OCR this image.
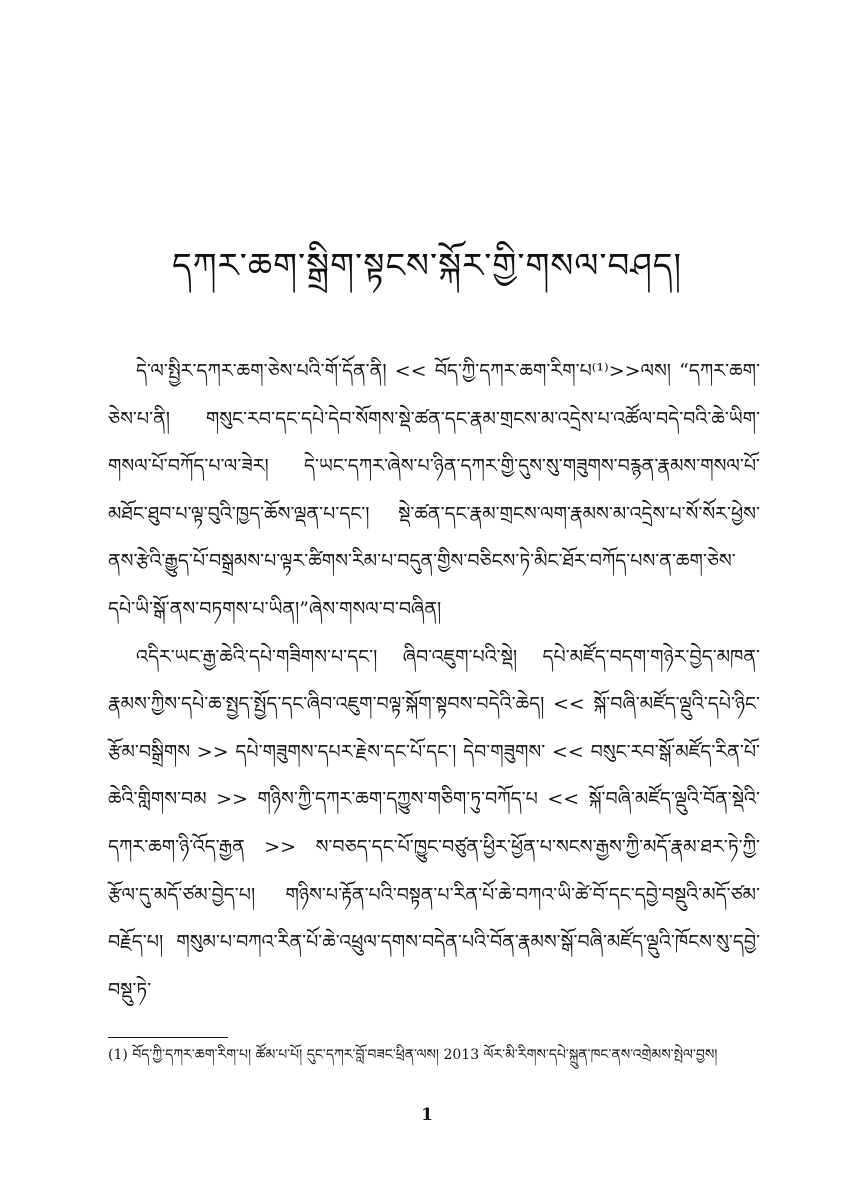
དཀར་ཆག་སྒྲིག་སྟངས་སྐོར་གྱི་གསལ་བཤད།

དེ་ལ་སྤྱིར་དཀར་ཆག་ཅེས་པའི་གོ་དོན་ནི། << བོད་ཀྱི་དཀར་ཆག་རིག་པ⁽¹⁾>>ལས། “དཀར་ཆག་ཅེས་པ་ནི། གསུང་རབ་དང་དཔེ་དེབ་སོགས་སྡེ་ཚན་དང་རྣམ་གྲངས་མ་འདྲེས་པ་འཚོལ་བདེ་བའི་ཆེ་ཡིག་གསལ་པོ་བཀོད་པ་ལ་ཟེར། དེ་ཡང་དཀར་ཞེས་པ་ཉིན་དཀར་གྱི་དུས་སུ་གཟུགས་བརྙན་རྣམས་གསལ་པོ་མཐོང་ཐུབ་པ་ལྟ་བུའི་ཁྱད་ཆོས་ལྡན་པ་དང་། སྡེ་ཚན་དང་རྣམ་གྲངས་ལག་རྣམས་མ་འདྲེས་པ་སོ་སོར་ཕྱེས་ནས་རྩེའི་རྒྱུད་པོ་བསྒྲམས་པ་ལྟར་ཚིགས་རིམ་པ་བདུན་གྱིས་བཅིངས་ཏེ་མིང་ཐོར་བཀོད་པས་ན་ཆག་ཅེས་དཔེ་ཡི་སྒོ་ནས་བཏགས་པ་ཡིན།”ཞེས་གསལ་བ་བཞིན།

འདིར་ཡང་རྒྱ་ཆེའི་དཔེ་གཟིགས་པ་དང་། ཞིབ་འཇུག་པའི་སྡེ། དཔེ་མཛོད་བདག་གཉེར་བྱེད་མཁན་རྣམས་ཀྱིས་དཔེ་ཆ་སྤྱད་སྤྱོད་དང་ཞིབ་འཇུག་བལྟ་སྐོག་སྟབས་བདེའི་ཆེད། << སྐོ་བཞི་མཛོད་ལྡུའི་དཔེ་ཉིང་རྩོམ་བསྒྲིགས >> དཔེ་གཟུགས་དཔར་རྗེས་དང་པོ་དང་། དེབ་གཟུགས་ << བསུང་རབ་སྒོ་མཛོད་རིན་པོ་ཆེའི་གླིགས་བམ >> གཉིས་ཀྱི་དཀར་ཆག་དཀྱུས་གཅིག་ཏུ་བཀོད་པ << སྐོ་བཞི་མཛོད་ལྡུའི་བོན་སྡེའི་དཀར་ཆག་ཉི་འོད་རྒྱན >> ས་བཅད་དང་པོ་ཁྱུང་བཙུན་ཕྱིར་ཕྱོན་པ་སངས་རྒྱས་ཀྱི་མདོ་རྣམ་ཐར་ཏེ་ཀྱི་རྩོལ་དུ་མདོ་ཙམ་བྱེད་པ། གཉིས་པ་རྟོན་པའི་བསྟན་པ་རིན་པོ་ཆེ་བཀའ་ཡི་ཚེ་བོ་དང་དབྱེ་བསྡུའི་མདོ་ཙམ་བརྗོད་པ། གསུམ་པ་བཀའ་རིན་པོ་ཆེ་འཕྲུལ་དགས་བདེན་པའི་བོན་རྣམས་སྒོ་བཞི་མཛོད་ལྡུའི་ཁོངས་སུ་དབྱེ་བསྡུ་ཏེ་

(1) བོད་ཀྱི་དཀར་ཆག་རིག་པ། ཚོམ་པ་པོ། དུང་དཀར་བློ་བཟང་ཕྲིན་ལས། 2013 ལོར་མི་རིགས་དཔེ་སྐྲུན་ཁང་ནས་འགྲེམས་སྤེལ་བྱས།
1
